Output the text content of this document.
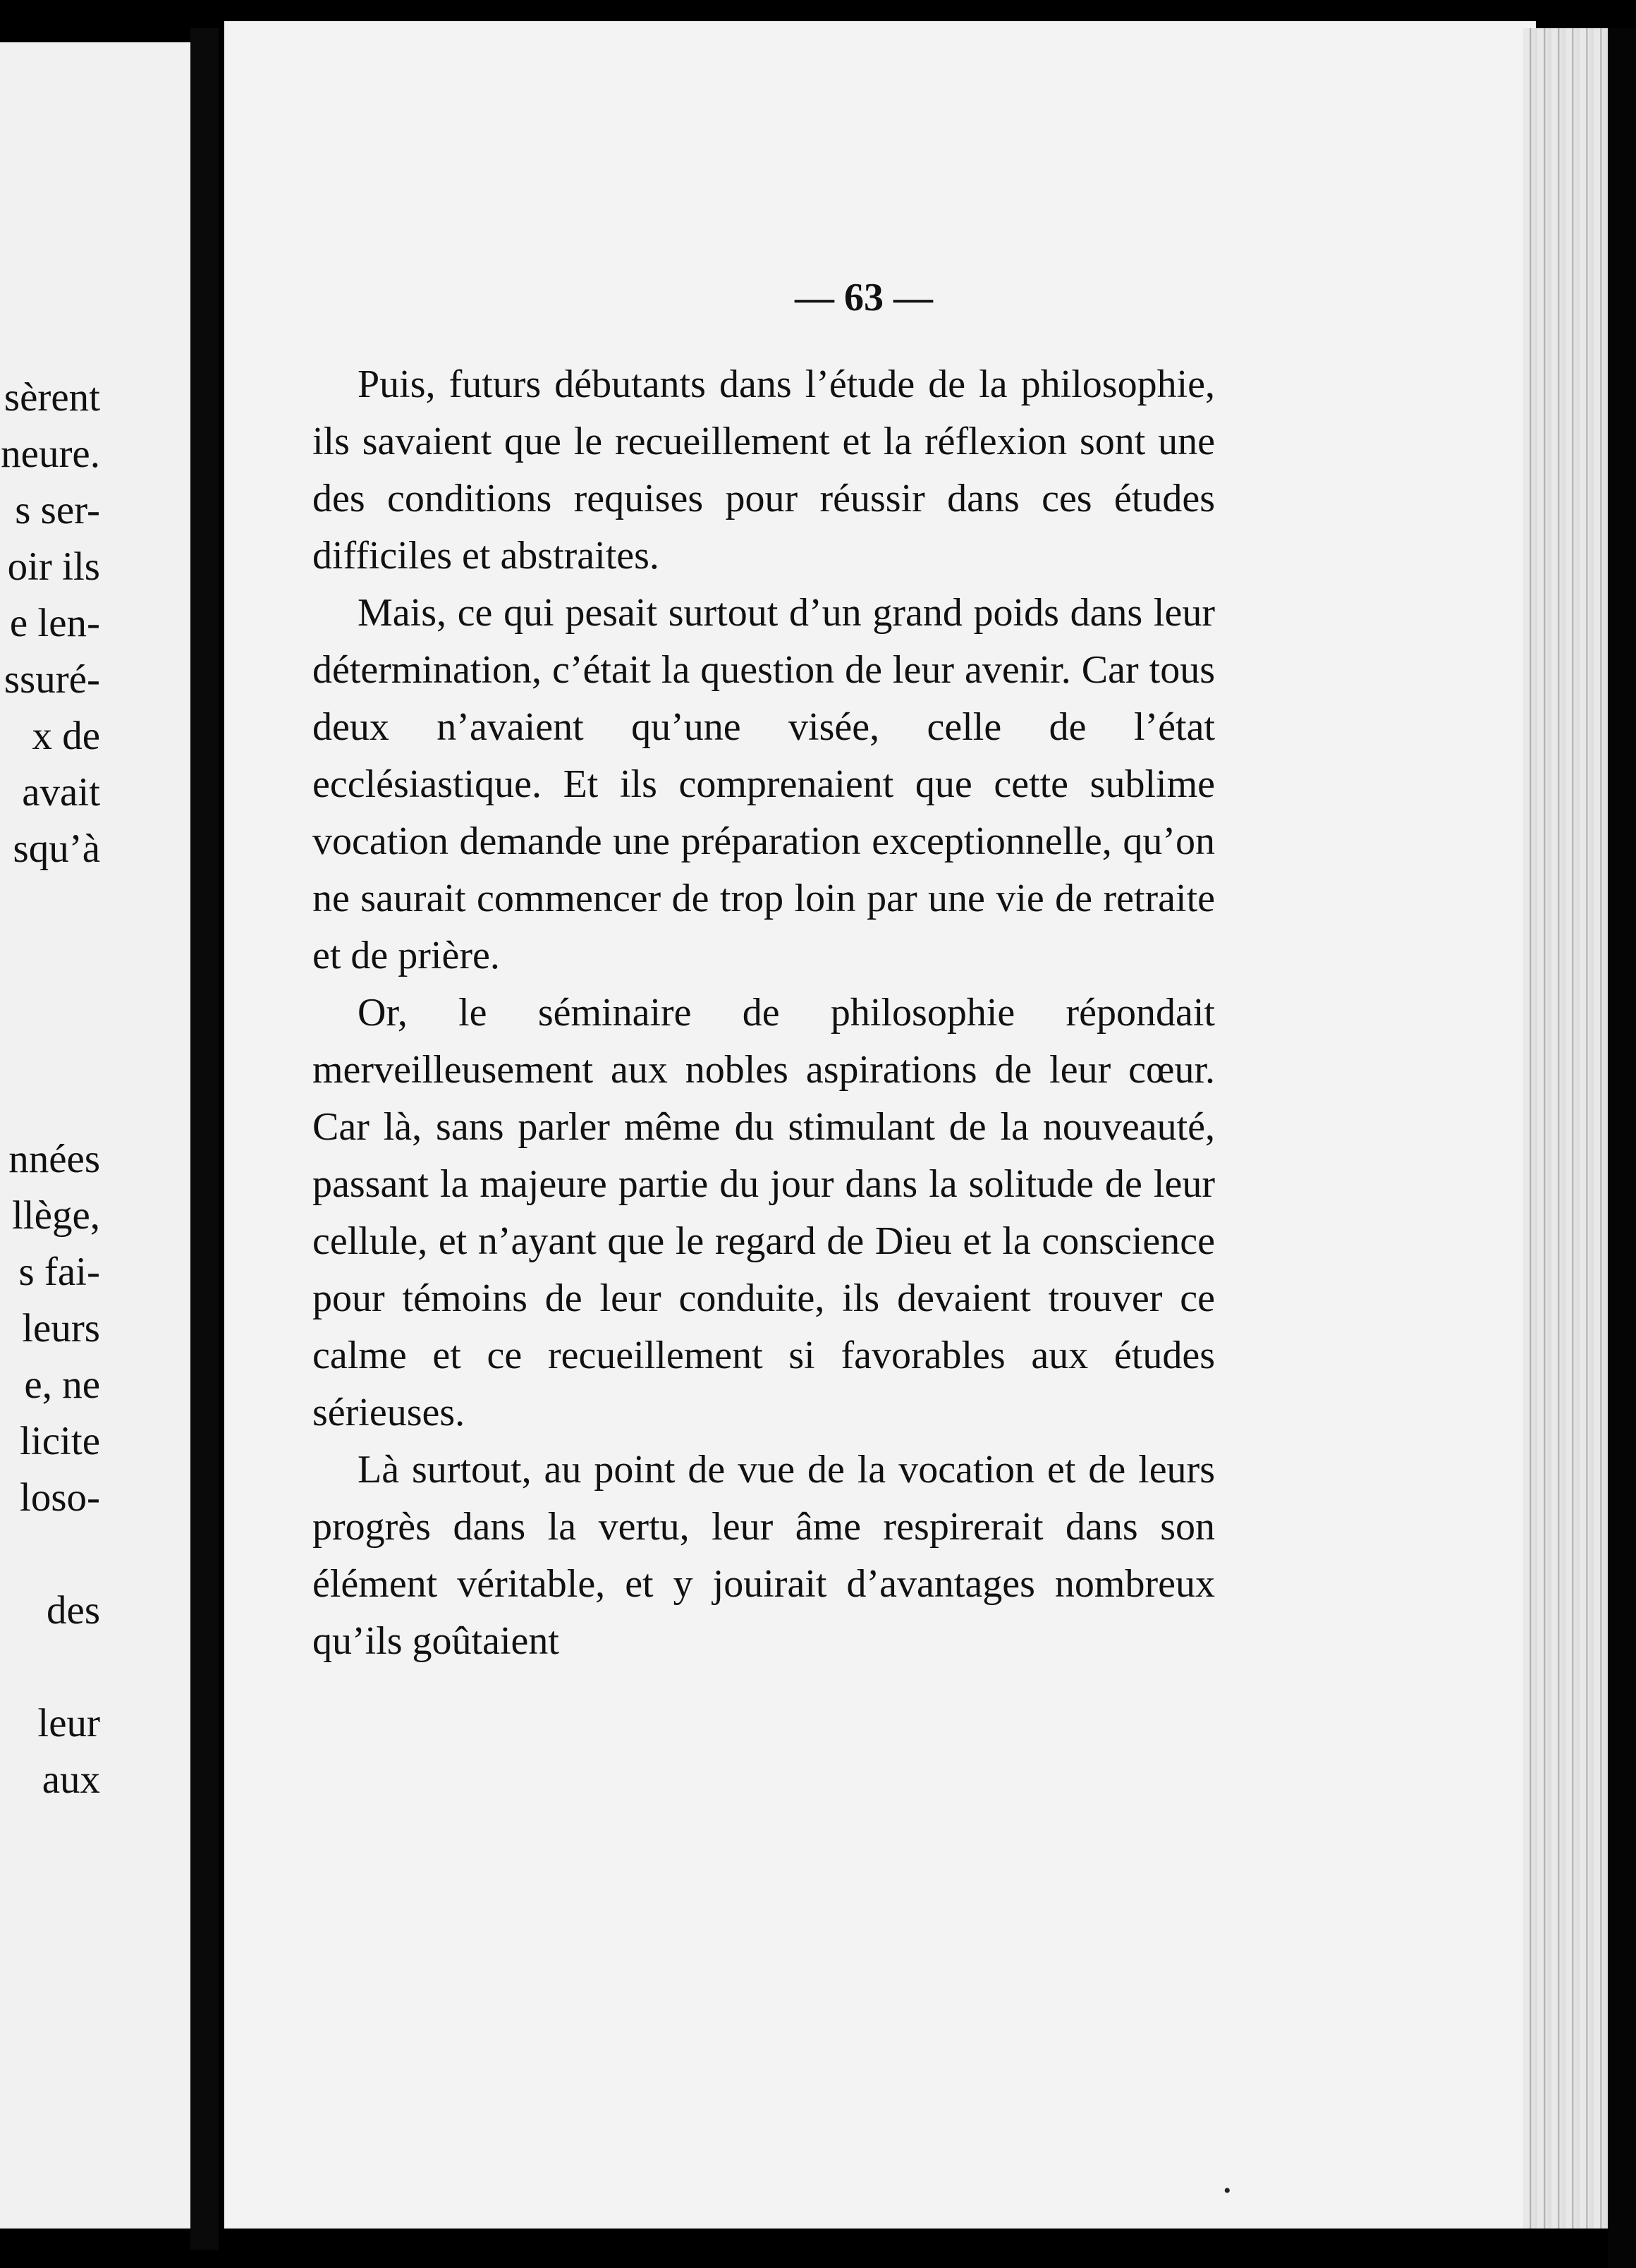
sèrent
neure.
s ser-
oir ils
e len-
ssuré-
x de
avait
squ’à
nnées
llège,
s fai-
leurs
e, ne
licite
loso-
des
leur
aux
— 63 —

Puis, futurs débutants dans l’étude de la philosophie, ils savaient que le recueillement et la réflexion sont une des conditions requises pour réussir dans ces études difficiles et abstraites.

Mais, ce qui pesait surtout d’un grand poids dans leur détermination, c’était la question de leur avenir. Car tous deux n’avaient qu’une visée, celle de l’état ecclésiastique. Et ils comprenaient que cette sublime vocation demande une préparation exceptionnelle, qu’on ne saurait commencer de trop loin par une vie de retraite et de prière.

Or, le séminaire de philosophie répondait merveilleusement aux nobles aspirations de leur cœur. Car là, sans parler même du stimulant de la nouveauté, passant la majeure partie du jour dans la solitude de leur cellule, et n’ayant que le regard de Dieu et la conscience pour témoins de leur conduite, ils devaient trouver ce calme et ce recueillement si favorables aux études sérieuses.

Là surtout, au point de vue de la vocation et de leurs progrès dans la vertu, leur âme respirerait dans son élément véritable, et y jouirait d’avantages nombreux qu’ils goûtaient

•
